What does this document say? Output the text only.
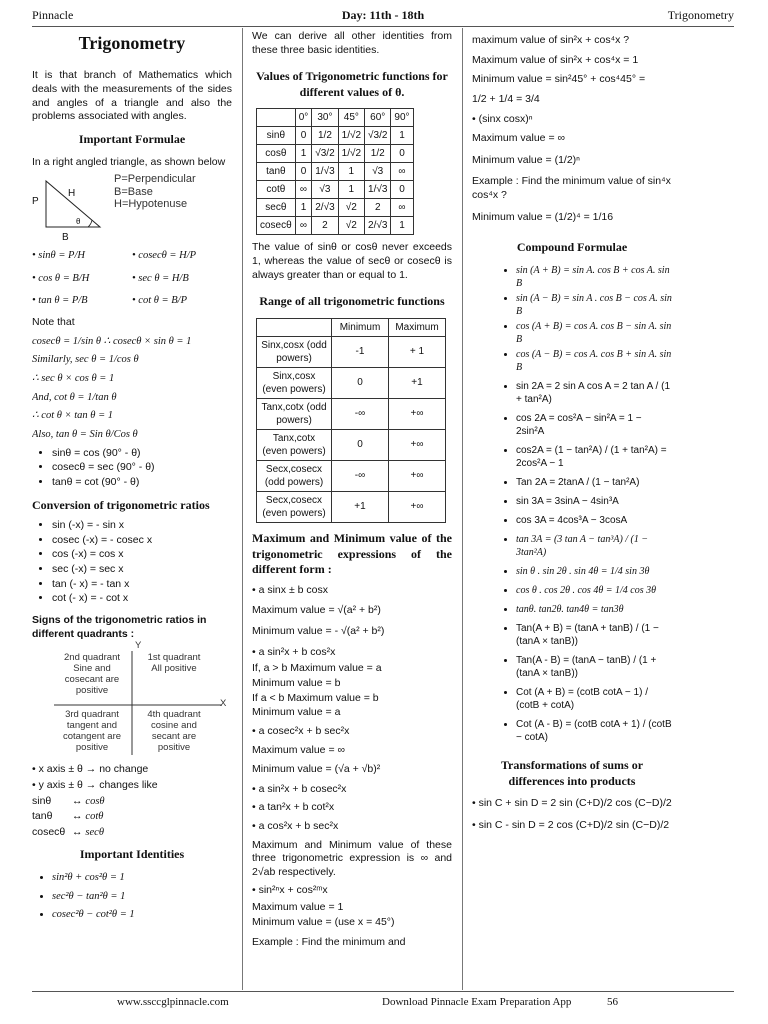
Pinnacle	Day: 11th - 18th	Trigonometry
Trigonometry

It is that branch of Mathematics which deals with the measurements of the sides and angles of a triangle and also the problems associated with angles.

Important Formulae
In a right angled triangle, as shown below
P
H
B
θ
P=Perpendicular
B=Base
H=Hypotenuse
• sinθ = P/H	• cosecθ = H/P
• cos θ = B/H	• sec θ = H/B
• tan θ = P/B	• cot θ = B/P
Note that
cosecθ = 1/sin θ ∴ cosecθ × sin θ = 1
Similarly, sec θ = 1/cos θ
∴ sec θ × cos θ = 1
And, cot θ = 1/tan θ
∴ cot θ × tan θ = 1
Also, tan θ = Sin θ/Cos θ
• sinθ = cos (90° - θ)
• cosecθ = sec (90° - θ)
• tanθ = cot (90° - θ)
Conversion of trigonometric ratios
• sin (-x) = - sin x
• cosec (-x) = - cosec x
• cos (-x) = cos x
• sec (-x) = sec x
• tan (- x) = - tan x
• cot (- x) = - cot x
Signs of the trigonometric ratios in different quadrants :
Y
X
2nd quadrant
Sine and cosecant are positive
1st quadrant
All positive
3rd quadrant
tangent and cotangent are positive
4th quadrant
cosine and secant are positive
• x axis ± θ → no change
• y axis ± θ → changes like
sinθ ↔ cosθ
tanθ ↔ cotθ
cosecθ ↔ secθ
Important Identities
• sin²θ + cos²θ = 1
• sec²θ − tan²θ = 1
• cosec²θ − cot²θ = 1

We can derive all other identities from these three basic identities.

Values of Trigonometric functions for different values of θ.
	0°	30°	45°	60°	90°
sinθ	0	1/2	1/√2	√3/2	1
cosθ	1	√3/2	1/√2	1/2	0
tanθ	0	1/√3	1	√3	∞
cotθ	∞	√3	1	1/√3	0
secθ	1	2/√3	√2	2	∞
cosecθ	∞	2	√2	2/√3	1

The value of sinθ or cosθ never exceeds 1, whereas the value of secθ or cosecθ is always greater than or equal to 1.

Range of all trigonometric functions
	Minimum	Maximum
Sinx,cosx (odd powers)	-1	+ 1
Sinx,cosx (even powers)	0	+1
Tanx,cotx (odd powers)	-∞	+∞
Tanx,cotx (even powers)	0	+∞
Secx,cosecx (odd powers)	-∞	+∞
Secx,cosecx (even powers)	+1	+∞
Maximum and Minimum value of the trigonometric expressions of the different form :
• a sinx ± b cosx
Maximum value = √(a² + b²)
Minimum value = - √(a² + b²)
• a sin²x + b cos²x
If, a > b Maximum value = a
Minimum value = b
If a < b Maximum value = b
Minimum value = a
• a cosec²x + b sec²x
Maximum value = ∞
Minimum value = (√a + √b)²
• a sin²x + b cosec²x
• a tan²x + b cot²x
• a cos²x + b sec²x

Maximum and Minimum value of these three trigonometric expression is ∞ and 2√ab respectively.

• sin²ⁿx + cos²ᵐx
Maximum value = 1
Minimum value = (use x = 45°)
Example : Find the minimum and
maximum value of sin²x + cos⁴x ?
Maximum value of sin²x + cos⁴x = 1
Minimum value = sin²45° + cos⁴45° =
1/2 + 1/4 = 3/4
• (sinx cosx)ⁿ
Maximum value = ∞
Minimum value = (1/2)ⁿ
Example : Find the minimum value of sin⁴x cos⁴x ?
Minimum value = (1/2)⁴ = 1/16
Compound Formulae
• sin (A + B) = sin A. cos B + cos A. sin B
• sin (A − B) = sin A . cos B − cos A. sin B
• cos (A + B) = cos A. cos B − sin A. sin B
• cos (A − B) = cos A. cos B + sin A. sin B
• sin 2A = 2 sin A cos A = 2 tan A / (1 + tan²A)
• cos 2A = cos²A − sin²A = 1 − 2sin²A
• cos2A = (1 − tan²A) / (1 + tan²A) = 2cos²A − 1
• Tan 2A = 2tanA / (1 − tan²A)
• sin 3A = 3sinA − 4sin³A
• cos 3A = 4cos³A − 3cosA
• tan 3A = (3 tan A − tan³A) / (1 − 3tan²A)
• sin θ . sin 2θ . sin 4θ = 1/4 sin 3θ
• cos θ . cos 2θ . cos 4θ = 1/4 cos 3θ
• tanθ. tan2θ. tan4θ = tan3θ
• Tan(A + B) = (tanA + tanB) / (1 − (tanA × tanB))
• Tan(A - B) = (tanA − tanB) / (1 + (tanA × tanB))
• Cot (A + B) = (cotB cotA − 1) / (cotB + cotA)
• Cot (A - B) = (cotB cotA + 1) / (cotB − cotA)
Transformations of sums or differences into products
• sin C + sin D = 2 sin (C+D)/2 cos (C−D)/2
• sin C - sin D = 2 cos (C+D)/2 sin (C−D)/2
www.ssccglpinnacle.com	Download Pinnacle Exam Preparation App	56
